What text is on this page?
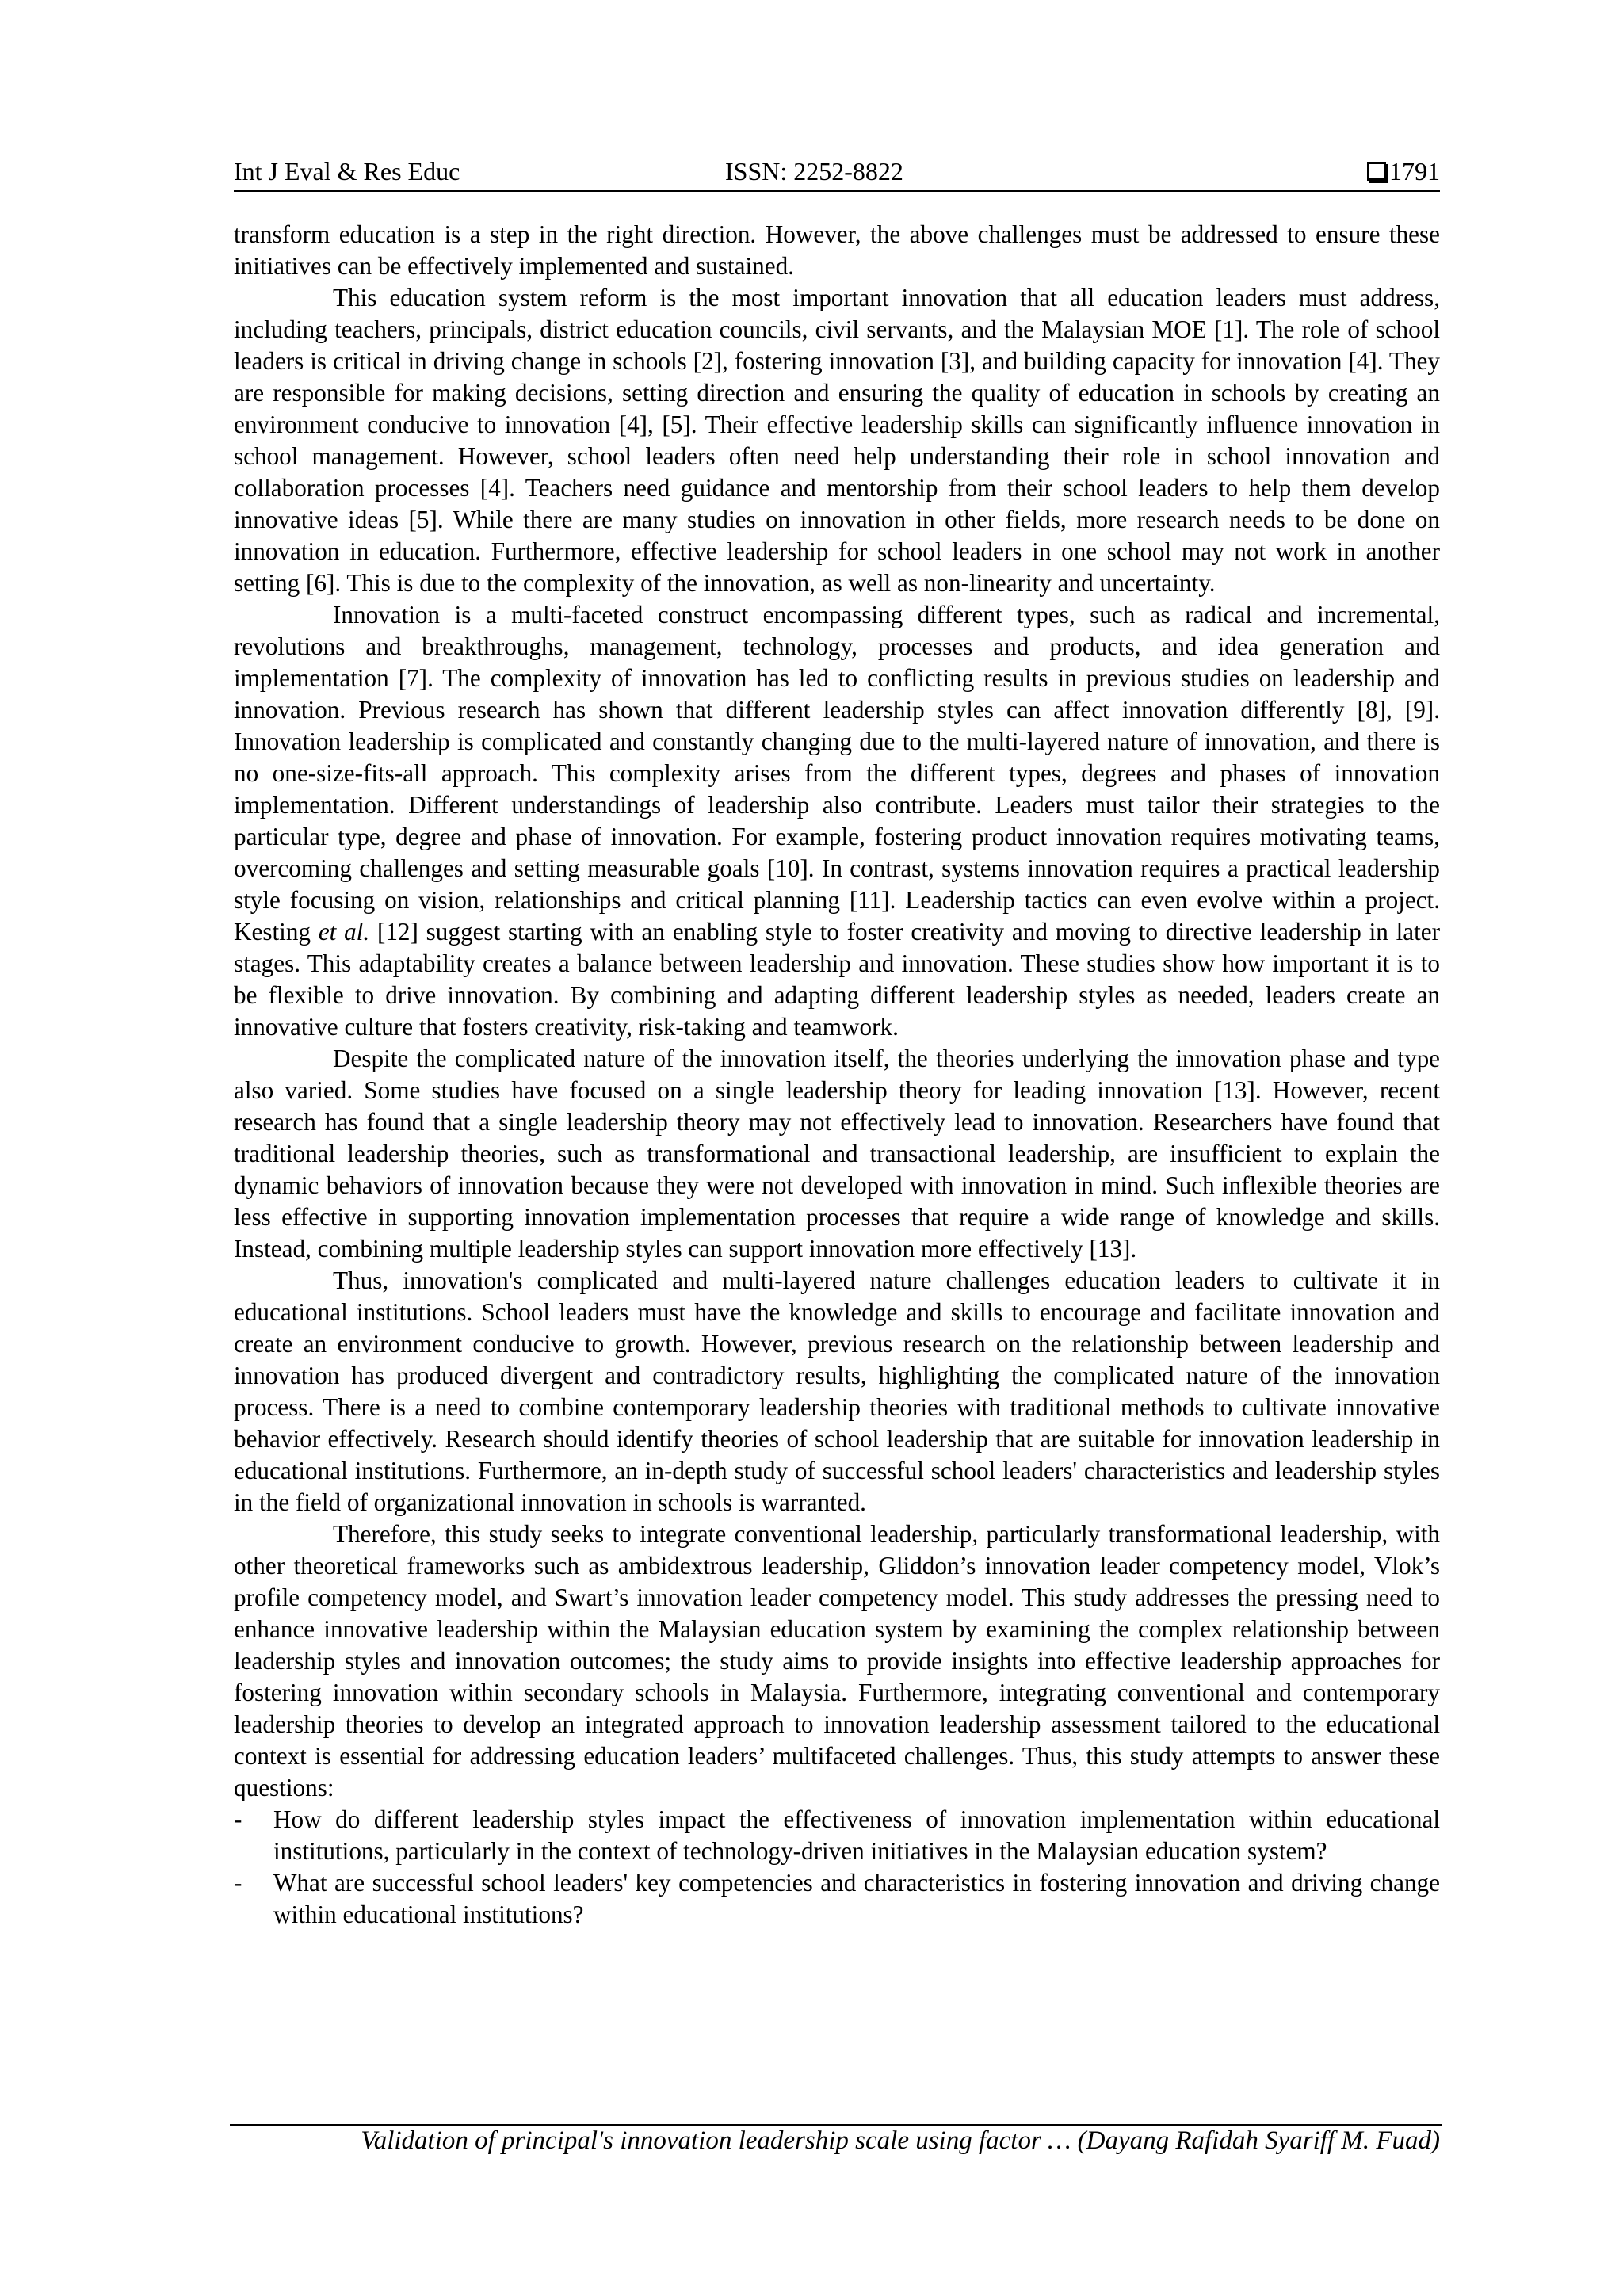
Int J Eval & Res Educ	ISSN: 2252-8822	1791

transform education is a step in the right direction. However, the above challenges must be addressed to ensure these initiatives can be effectively implemented and sustained.

This education system reform is the most important innovation that all education leaders must address, including teachers, principals, district education councils, civil servants, and the Malaysian MOE [1]. The role of school leaders is critical in driving change in schools [2], fostering innovation [3], and building capacity for innovation [4]. They are responsible for making decisions, setting direction and ensuring the quality of education in schools by creating an environment conducive to innovation [4], [5]. Their effective leadership skills can significantly influence innovation in school management. However, school leaders often need help understanding their role in school innovation and collaboration processes [4]. Teachers need guidance and mentorship from their school leaders to help them develop innovative ideas [5]. While there are many studies on innovation in other fields, more research needs to be done on innovation in education. Furthermore, effective leadership for school leaders in one school may not work in another setting [6]. This is due to the complexity of the innovation, as well as non-linearity and uncertainty.

Innovation is a multi-faceted construct encompassing different types, such as radical and incremental, revolutions and breakthroughs, management, technology, processes and products, and idea generation and implementation [7]. The complexity of innovation has led to conflicting results in previous studies on leadership and innovation. Previous research has shown that different leadership styles can affect innovation differently [8], [9]. Innovation leadership is complicated and constantly changing due to the multi-layered nature of innovation, and there is no one-size-fits-all approach. This complexity arises from the different types, degrees and phases of innovation implementation. Different understandings of leadership also contribute. Leaders must tailor their strategies to the particular type, degree and phase of innovation. For example, fostering product innovation requires motivating teams, overcoming challenges and setting measurable goals [10]. In contrast, systems innovation requires a practical leadership style focusing on vision, relationships and critical planning [11]. Leadership tactics can even evolve within a project. Kesting et al. [12] suggest starting with an enabling style to foster creativity and moving to directive leadership in later stages. This adaptability creates a balance between leadership and innovation. These studies show how important it is to be flexible to drive innovation. By combining and adapting different leadership styles as needed, leaders create an innovative culture that fosters creativity, risk-taking and teamwork.

Despite the complicated nature of the innovation itself, the theories underlying the innovation phase and type also varied. Some studies have focused on a single leadership theory for leading innovation [13]. However, recent research has found that a single leadership theory may not effectively lead to innovation. Researchers have found that traditional leadership theories, such as transformational and transactional leadership, are insufficient to explain the dynamic behaviors of innovation because they were not developed with innovation in mind. Such inflexible theories are less effective in supporting innovation implementation processes that require a wide range of knowledge and skills. Instead, combining multiple leadership styles can support innovation more effectively [13].

Thus, innovation's complicated and multi-layered nature challenges education leaders to cultivate it in educational institutions. School leaders must have the knowledge and skills to encourage and facilitate innovation and create an environment conducive to growth. However, previous research on the relationship between leadership and innovation has produced divergent and contradictory results, highlighting the complicated nature of the innovation process. There is a need to combine contemporary leadership theories with traditional methods to cultivate innovative behavior effectively. Research should identify theories of school leadership that are suitable for innovation leadership in educational institutions. Furthermore, an in-depth study of successful school leaders' characteristics and leadership styles in the field of organizational innovation in schools is warranted.

Therefore, this study seeks to integrate conventional leadership, particularly transformational leadership, with other theoretical frameworks such as ambidextrous leadership, Gliddon’s innovation leader competency model, Vlok’s profile competency model, and Swart’s innovation leader competency model. This study addresses the pressing need to enhance innovative leadership within the Malaysian education system by examining the complex relationship between leadership styles and innovation outcomes; the study aims to provide insights into effective leadership approaches for fostering innovation within secondary schools in Malaysia. Furthermore, integrating conventional and contemporary leadership theories to develop an integrated approach to innovation leadership assessment tailored to the educational context is essential for addressing education leaders’ multifaceted challenges. Thus, this study attempts to answer these questions:

- How do different leadership styles impact the effectiveness of innovation implementation within educational institutions, particularly in the context of technology-driven initiatives in the Malaysian education system?
- What are successful school leaders' key competencies and characteristics in fostering innovation and driving change within educational institutions?
Validation of principal's innovation leadership scale using factor … (Dayang Rafidah Syariff M. Fuad)
